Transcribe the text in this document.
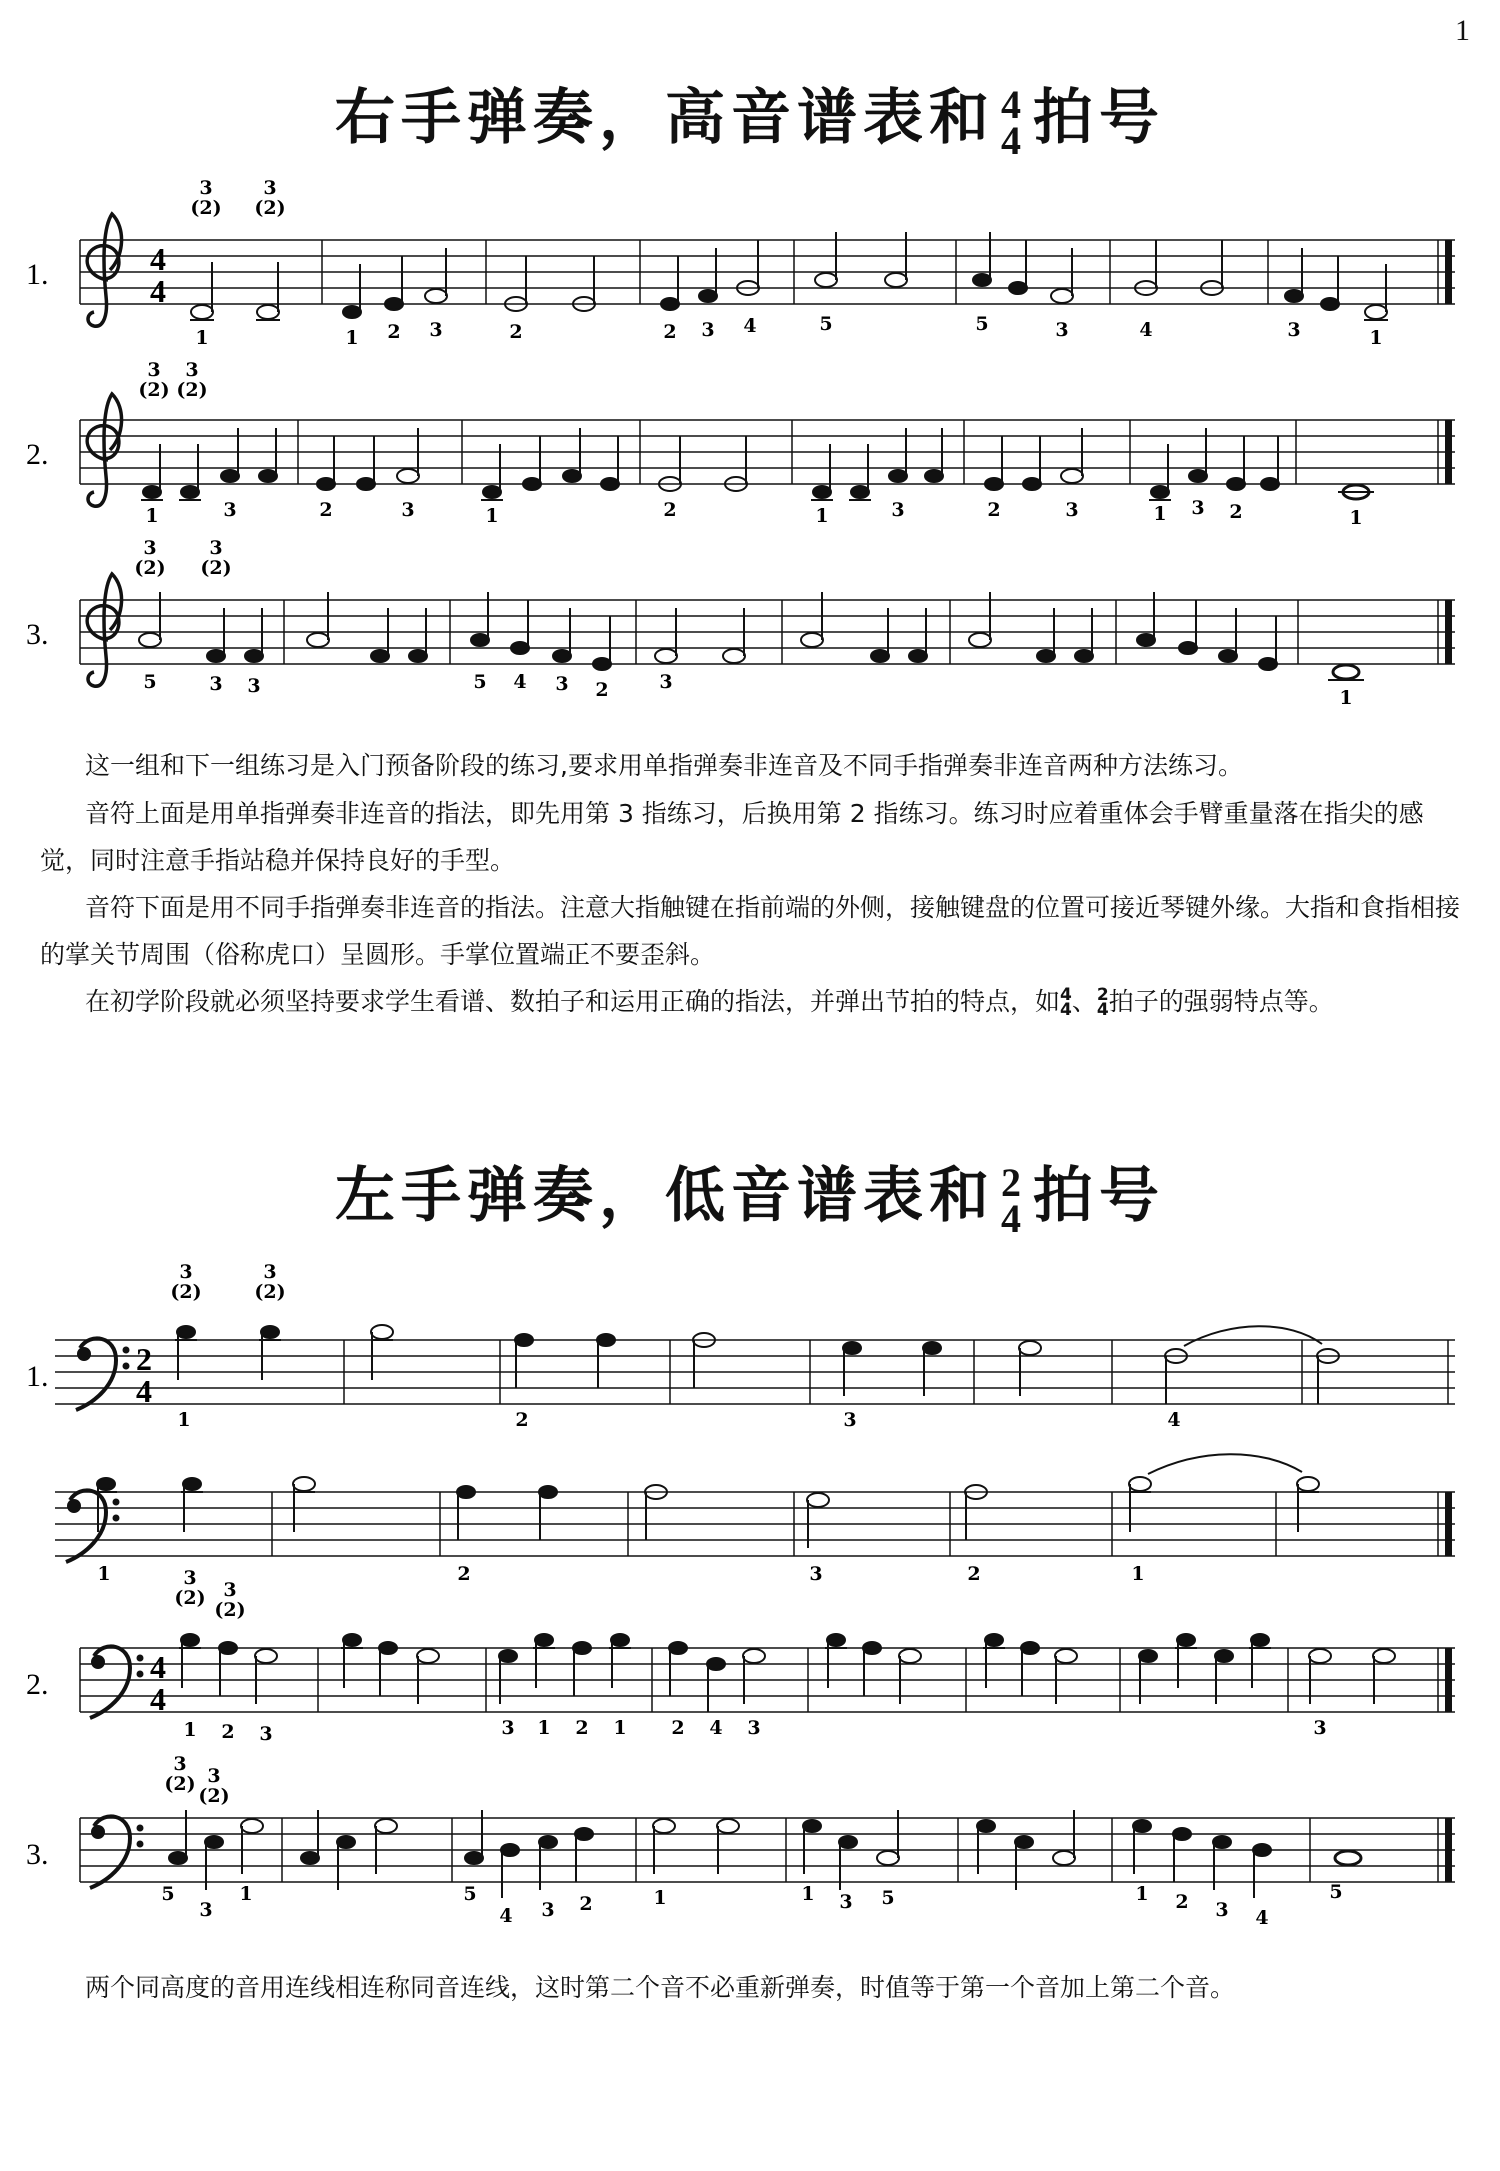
1
右手弹奏，高音谱表和 4
4 拍号
1.	4
4
3
(2)
3
(2)
1	1 2 3	2	2 3 4	5	5	3	4	3	1
2.
3
(2)
3
(2)
1	3	2	3	1	2	1	3	2	3	1 3 2	1
3.
3
(2)
3
(2)
5	3 3	5 4 3 2	3
1

这一组和下一组练习是入门预备阶段的练习,要求用单指弹奏非连音及不同手指弹奏非连音两种方法练习。

音符上面是用单指弹奏非连音的指法，即先用第 3 指练习，后换用第 2 指练习。练习时应着重体会手臂重量落在指尖的感觉，同时注意手指站稳并保持良好的手型。

音符下面是用不同手指弹奏非连音的指法。注意大指触键在指前端的外侧，接触键盘的位置可接近琴键外缘。大指和食指相接的掌关节周围（俗称虎口）呈圆形。手掌位置端正不要歪斜。

在初学阶段就必须坚持要求学生看谱、数拍子和运用正确的指法，并弹出节拍的特点，如 4
4 、 2
4 拍子的强弱特点等。

左手弹奏，低音谱表和 2
4 拍号
1.	2
4
3
(2)
3
(2)
1	2	3	4
1	2	3	2	1
2.	4
4
3
(2) 3
(2)
1 2 3	3 1 2 1 2 4 3	3
3.
3
(2) 3
(2)
5
3
1	5
4 3 2	1	1 3 5	1 2 3 4
5

两个同高度的音用连线相连称同音连线，这时第二个音不必重新弹奏，时值等于第一个音加上第二个音。
